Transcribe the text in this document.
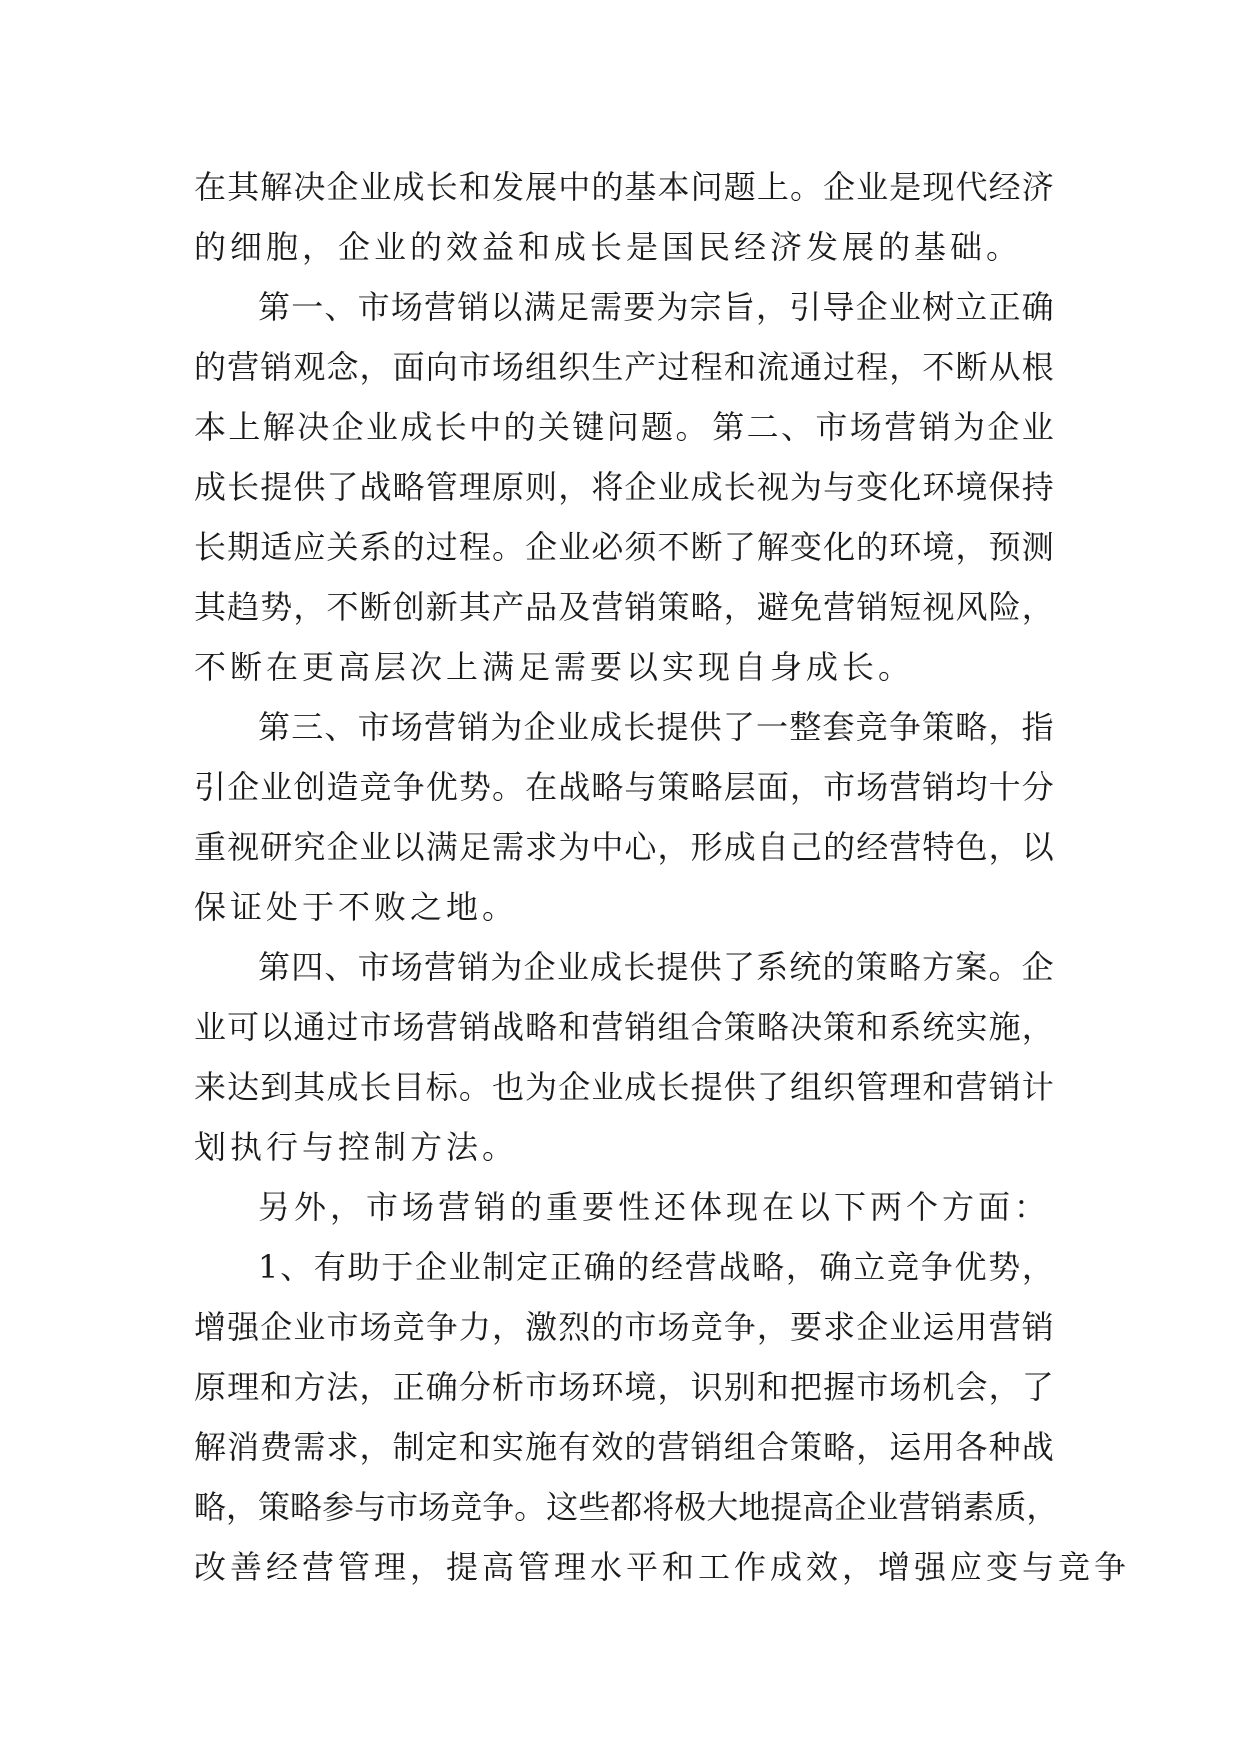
在 其 解 决 企 业 成 长 和 发 展 中 的 基 本 问 题 上 。 企 业 是 现 代 经 济
的细胞，企业的效益和成长是国民经济发展的基础。
第 一 、 市 场 营 销 以 满 足 需 要 为 宗 旨 ， 引 导 企 业 树 立 正 确
的 营 销 观 念 ， 面 向 市 场 组 织 生 产 过 程 和 流 通 过 程 ， 不 断 从 根
本 上 解 决 企 业 成 长 中 的 关 键 问 题 。 第 二 、 市 场 营 销 为 企 业
成 长 提 供 了 战 略 管 理 原 则 ， 将 企 业 成 长 视 为 与 变 化 环 境 保 持
长 期 适 应 关 系 的 过 程 。 企 业 必 须 不 断 了 解 变 化 的 环 境 ， 预 测
其 趋 势 ， 不 断 创 新 其 产 品 及 营 销 策 略 ， 避 免 营 销 短 视 风 险 ，
不断在更高层次上满足需要以实现自身成长。
第 三 、 市 场 营 销 为 企 业 成 长 提 供 了 一 整 套 竞 争 策 略 ， 指
引 企 业 创 造 竞 争 优 势 。 在 战 略 与 策 略 层 面 ， 市 场 营 销 均 十 分
重 视 研 究 企 业 以 满 足 需 求 为 中 心 ， 形 成 自 己 的 经 营 特 色 ， 以
保证处于不败之地。
第 四 、 市 场 营 销 为 企 业 成 长 提 供 了 系 统 的 策 略 方 案 。 企
业 可 以 通 过 市 场 营 销 战 略 和 营 销 组 合 策 略 决 策 和 系 统 实 施 ，
来 达 到 其 成 长 目 标 。 也 为 企 业 成 长 提 供 了 组 织 管 理 和 营 销 计
划执行与控制方法。
另外，市场营销的重要性还体现在以下两个方面：
1 、 有 助 于 企 业 制 定 正 确 的 经 营 战 略 ， 确 立 竞 争 优 势 ，
增 强 企 业 市 场 竞 争 力 ， 激 烈 的 市 场 竞 争 ， 要 求 企 业 运 用 营 销
原 理 和 方 法 ， 正 确 分 析 市 场 环 境 ， 识 别 和 把 握 市 场 机 会 ， 了
解 消 费 需 求 ， 制 定 和 实 施 有 效 的 营 销 组 合 策 略 ， 运 用 各 种 战
略 ， 策 略 参 与 市 场 竞 争 。 这 些 都 将 极 大 地 提 高 企 业 营 销 素 质 ，
改善经营管理，提高管理水平和工作成效，增强应变与竞争
